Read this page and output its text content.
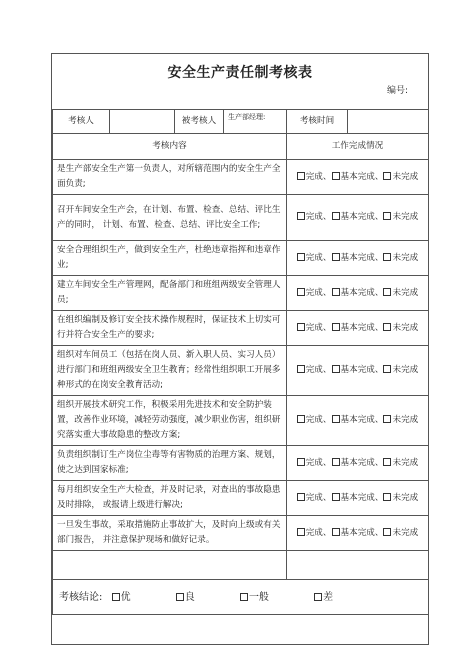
安全生产责任制考核表
编号:
考核人		被考核人	生产部经理:	考核时间	
考核内容				工作完成情况	
是生产部安全生产第一负责人，对所辖范围内的安全生产全面负责;				完成、 基本完成、 未完成	
召开车间安全生产会，在计划、布置、检查、总结、评比生产的同时， 计划、布置、检查、总结、评比安全工作;				完成、 基本完成、 未完成	
安全合理组织生产，做到安全生产，杜绝违章指挥和违章作业;				完成、 基本完成、 未完成	
建立车间安全生产管理网，配备部门和班组两级安全管理人员;				完成、 基本完成、 未完成	
在组织编制及修订安全技术操作规程时，保证技术上切实可行并符合安全生产的要求;				完成、 基本完成、 未完成	
组织对车间员工（包括在岗人员、新入职人员、实习人员）进行部门和班组两级安全卫生教育；经常性组织职工开展多种形式的在岗安全教育活动;				完成、 基本完成、 未完成	
组织开展技术研究工作，积极采用先进技术和安全防护装置，改善作业环境，减轻劳动强度，减少职业伤害，组织研究落实重大事故隐患的整改方案;				完成、 基本完成、 未完成	
负责组织制订生产岗位尘毒等有害物质的治理方案、规划，使之达到国家标准;				完成、 基本完成、 未完成	
每月组织安全生产大检查，并及时记录，对查出的事故隐患及时排除， 或报请上级进行解决;				完成、 基本完成、 未完成	
一旦发生事故，采取措施防止事故扩大，及时向上级或有关部门报告， 并注意保护现场和做好记录。				完成、 基本完成、 未完成	

考核结论: 优 良 一般 差					
